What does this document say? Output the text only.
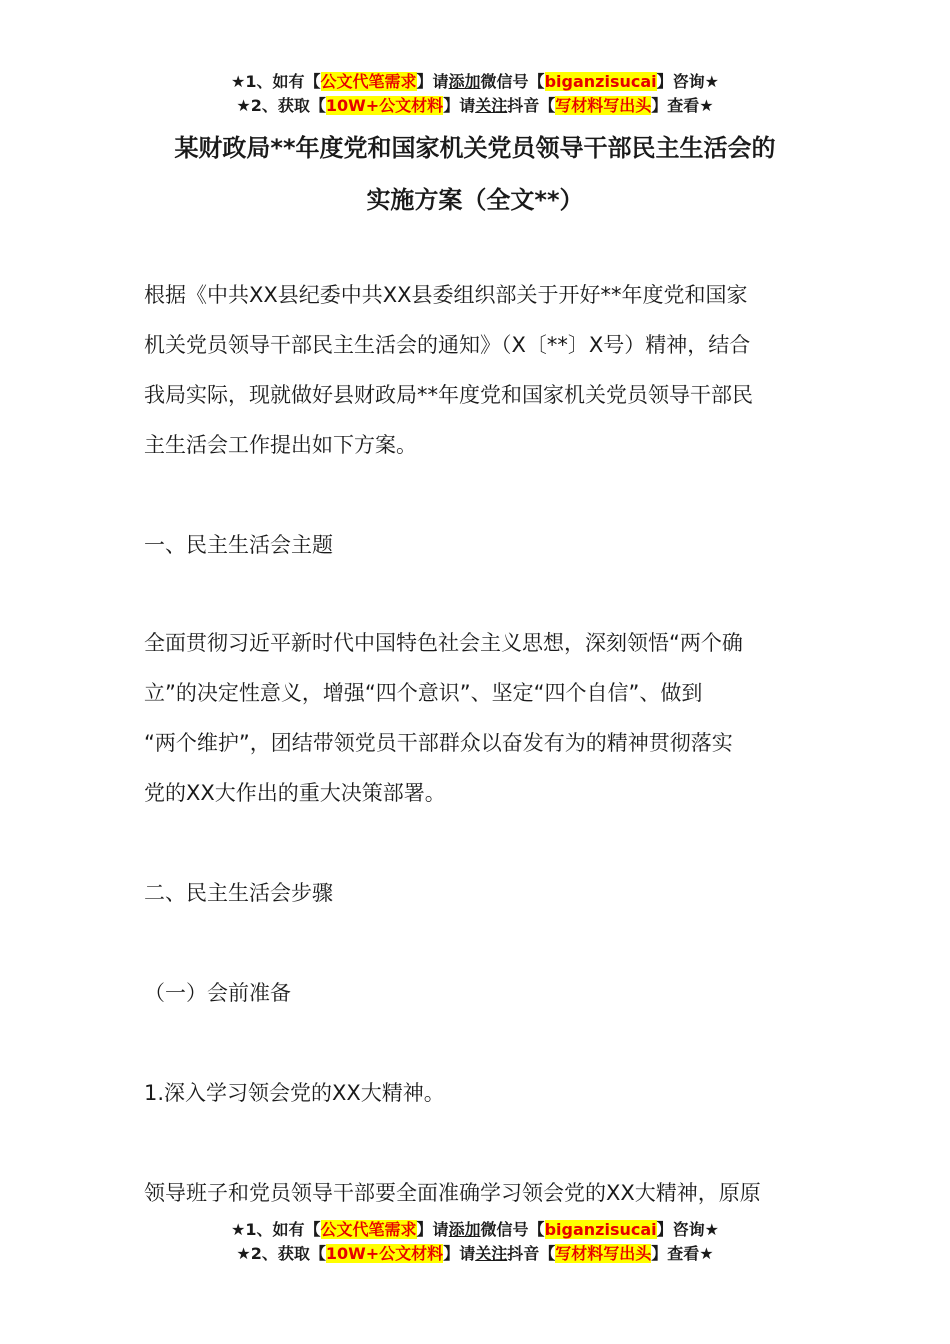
★1、如有【公文代笔需求】请添加微信号【biganzisucai】咨询★
★2、获取【10W+公文材料】请关注抖音【写材料写出头】查看★
某财政局**年度党和国家机关党员领导干部民主生活会的
实施方案（全文**）
根据《中共XX县纪委中共XX县委组织部关于开好**年度党和国家
机关党员领导干部民主生活会的通知》（X〔**〕X号）精神，结合
我局实际，现就做好县财政局**年度党和国家机关党员领导干部民
主生活会工作提出如下方案。
一、民主生活会主题
全面贯彻习近平新时代中国特色社会主义思想，深刻领悟“两个确
立”的决定性意义，增强“四个意识”、坚定“四个自信”、做到
“两个维护”，团结带领党员干部群众以奋发有为的精神贯彻落实
党的XX大作出的重大决策部署。
二、民主生活会步骤
（一）会前准备
1.深入学习领会党的XX大精神。
领导班子和党员领导干部要全面准确学习领会党的XX大精神，原原
★1、如有【公文代笔需求】请添加微信号【biganzisucai】咨询★
★2、获取【10W+公文材料】请关注抖音【写材料写出头】查看★
